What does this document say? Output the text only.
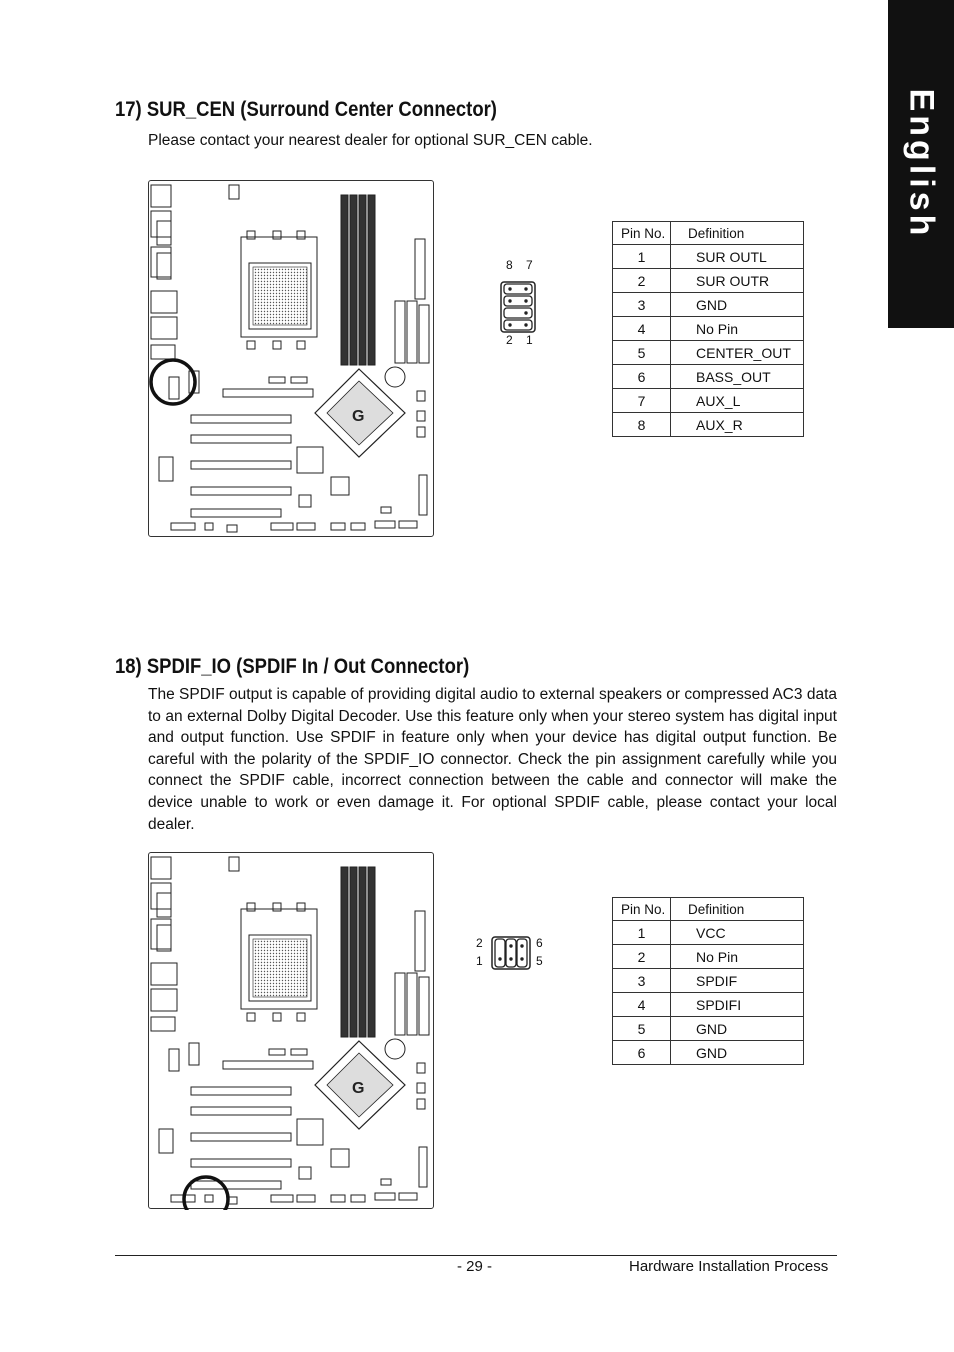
English
17) SUR_CEN (Surround Center Connector)

Please contact your nearest dealer for optional SUR_CEN cable.

G
8 7
2 1
Pin No.	Definition
1	SUR OUTL
2	SUR OUTR
3	GND
4	No Pin
5	CENTER_OUT
6	BASS_OUT
7	AUX_L
8	AUX_R
18) SPDIF_IO (SPDIF In / Out Connector)

The SPDIF output is capable of providing digital audio to external speakers or compressed AC3 data to an external Dolby Digital Decoder. Use this feature only when your stereo system has digital input and output function. Use SPDIF in feature only when your device has digital output function. Be careful with the polarity of the SPDIF_IO connector. Check the pin assignment carefully while you connect the SPDIF cable, incorrect connection between the cable and connector will make the device unable to work or even damage it. For optional SPDIF cable, please contact your local dealer.

G
2
1
6
5
Pin No.	Definition
1	VCC
2	No Pin
3	SPDIF
4	SPDIFI
5	GND
6	GND
- 29 -	Hardware Installation Process
